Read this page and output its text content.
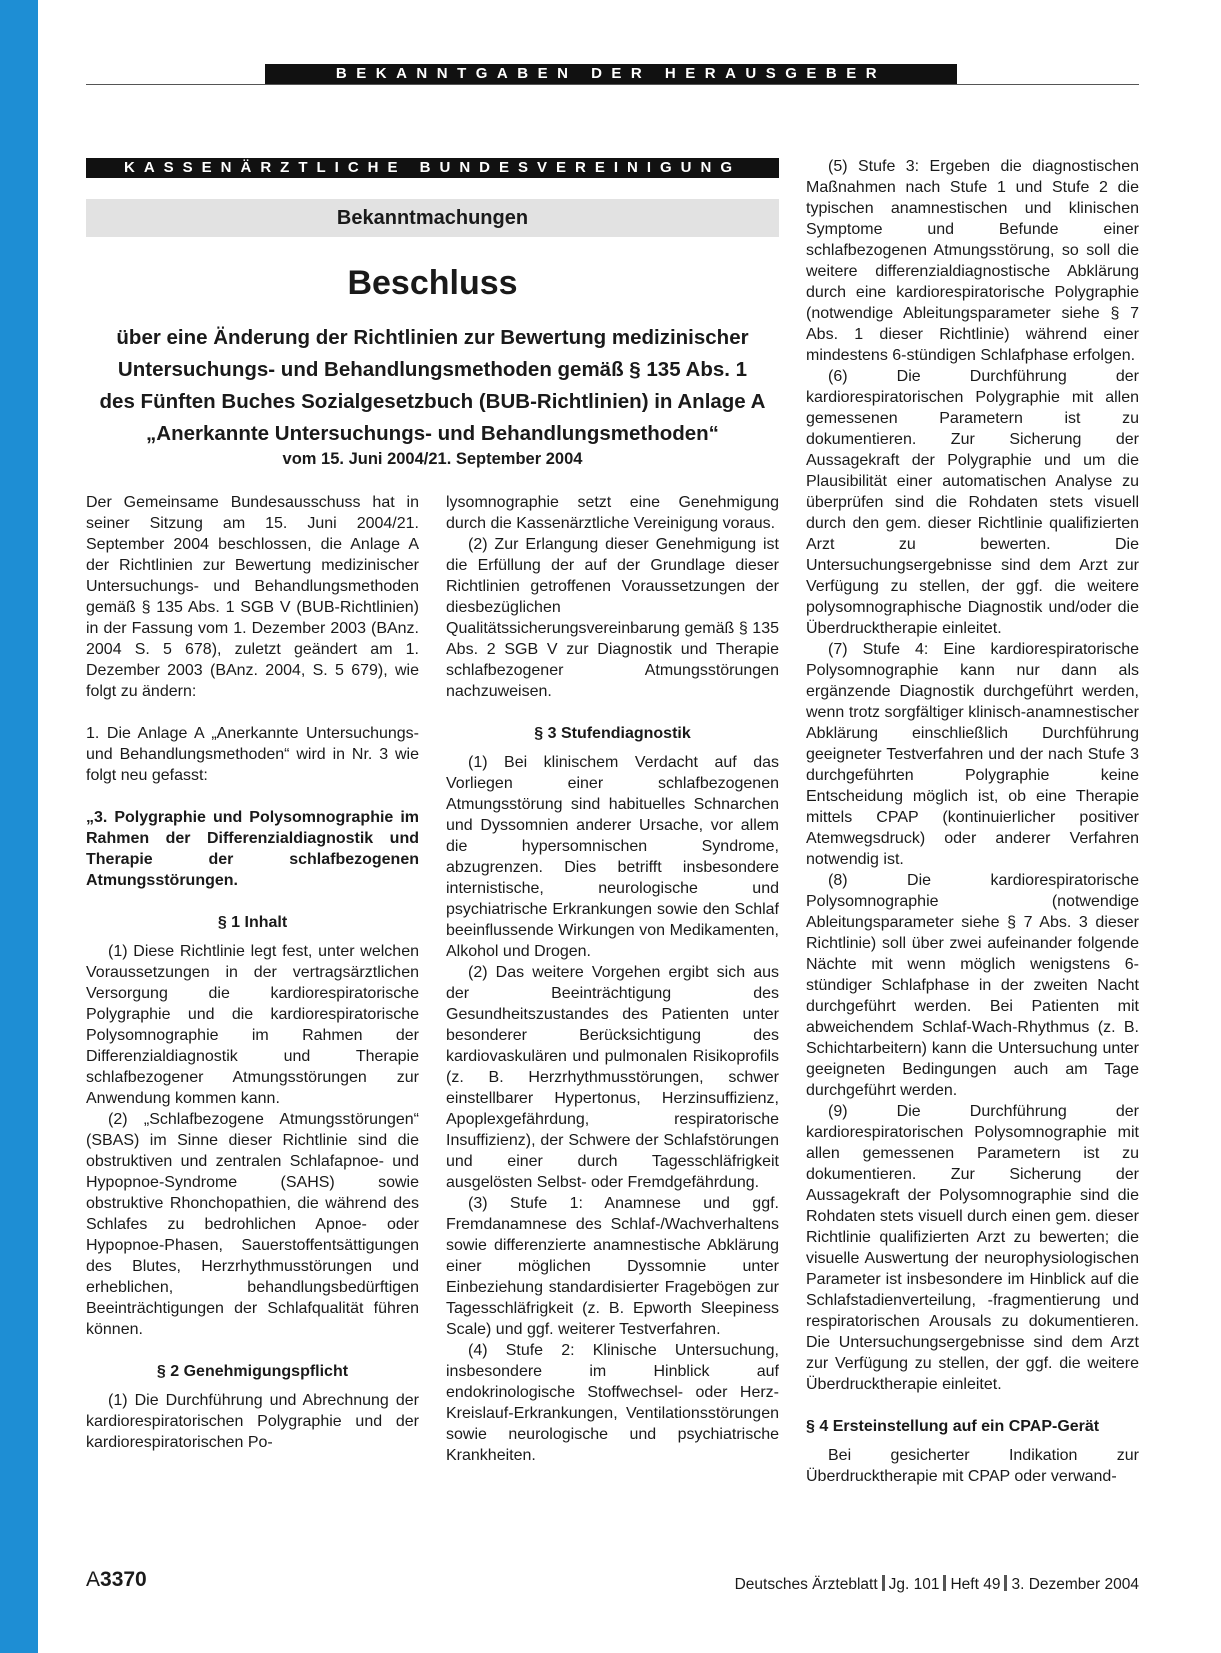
BEKANNTGABEN DER HERAUSGEBER
KASSENÄRZTLICHE BUNDESVEREINIGUNG
Bekanntmachungen
Beschluss
über eine Änderung der Richtlinien zur Bewertung medizinischer
Untersuchungs- und Behandlungsmethoden gemäß § 135 Abs. 1
des Fünften Buches Sozialgesetzbuch (BUB-Richtlinien) in Anlage A
„Anerkannte Untersuchungs- und Behandlungsmethoden“
vom 15. Juni 2004/21. September 2004

Der Gemeinsame Bundesausschuss hat in seiner Sitzung am 15. Juni 2004/21. September 2004 beschlossen, die Anlage A der Richtlinien zur Bewertung medizinischer Untersuchungs- und Behandlungsmethoden gemäß § 135 Abs. 1 SGB V (BUB-Richtlinien) in der Fassung vom 1. Dezember 2003 (BAnz. 2004 S. 5 678), zuletzt geändert am 1. Dezember 2003 (BAnz. 2004, S. 5 679), wie folgt zu ändern:

1. Die Anlage A „Anerkannte Untersuchungs- und Behandlungsmethoden“ wird in Nr. 3 wie folgt neu gefasst:

„3. Polygraphie und Polysomnographie im Rahmen der Differenzialdiagnostik und Therapie der schlafbezogenen Atmungsstörungen.

§ 1 Inhalt

(1) Diese Richtlinie legt fest, unter welchen Voraussetzungen in der vertragsärztlichen Versorgung die kardiorespiratorische Polygraphie und die kardiorespiratorische Polysomnographie im Rahmen der Differenzialdiagnostik und Therapie schlafbezogener Atmungsstörungen zur Anwendung kommen kann.

(2) „Schlafbezogene Atmungsstörungen“ (SBAS) im Sinne dieser Richtlinie sind die obstruktiven und zentralen Schlafapnoe- und Hypopnoe-Syndrome (SAHS) sowie obstruktive Rhonchopathien, die während des Schlafes zu bedrohlichen Apnoe- oder Hypopnoe-Phasen, Sauerstoffentsättigungen des Blutes, Herzrhythmusstörungen und erheblichen, behandlungsbedürftigen Beeinträchtigungen der Schlafqualität führen können.

§ 2 Genehmigungspflicht

(1) Die Durchführung und Abrechnung der kardiorespiratorischen Polygraphie und der kardiorespiratorischen Po-

lysomnographie setzt eine Genehmigung durch die Kassenärztliche Vereinigung voraus.

(2) Zur Erlangung dieser Genehmigung ist die Erfüllung der auf der Grundlage dieser Richtlinien getroffenen Voraussetzungen der diesbezüglichen Qualitätssicherungsvereinbarung gemäß § 135 Abs. 2 SGB V zur Diagnostik und Therapie schlafbezogener Atmungsstörungen nachzuweisen.

§ 3 Stufendiagnostik

(1) Bei klinischem Verdacht auf das Vorliegen einer schlafbezogenen Atmungsstörung sind habituelles Schnarchen und Dyssomnien anderer Ursache, vor allem die hypersomnischen Syndrome, abzugrenzen. Dies betrifft insbesondere internistische, neurologische und psychiatrische Erkrankungen sowie den Schlaf beeinflussende Wirkungen von Medikamenten, Alkohol und Drogen.

(2) Das weitere Vorgehen ergibt sich aus der Beeinträchtigung des Gesundheitszustandes des Patienten unter besonderer Berücksichtigung des kardiovaskulären und pulmonalen Risikoprofils (z. B. Herzrhythmusstörungen, schwer einstellbarer Hypertonus, Herzinsuffizienz, Apoplexgefährdung, respiratorische Insuffizienz), der Schwere der Schlafstörungen und einer durch Tagesschläfrigkeit ausgelösten Selbst- oder Fremdgefährdung.

(3) Stufe 1: Anamnese und ggf. Fremdanamnese des Schlaf-/Wachverhaltens sowie differenzierte anamnestische Abklärung einer möglichen Dyssomnie unter Einbeziehung standardisierter Fragebögen zur Tagesschläfrigkeit (z. B. Epworth Sleepiness Scale) und ggf. weiterer Testverfahren.

(4) Stufe 2: Klinische Untersuchung, insbesondere im Hinblick auf endokrinologische Stoffwechsel- oder Herz-Kreislauf-Erkrankungen, Ventilationsstörungen sowie neurologische und psychiatrische Krankheiten.

(5) Stufe 3: Ergeben die diagnostischen Maßnahmen nach Stufe 1 und Stufe 2 die typischen anamnestischen und klinischen Symptome und Befunde einer schlafbezogenen Atmungsstörung, so soll die weitere differenzialdiagnostische Abklärung durch eine kardiorespiratorische Polygraphie (notwendige Ableitungsparameter siehe § 7 Abs. 1 dieser Richtlinie) während einer mindestens 6-stündigen Schlafphase erfolgen.

(6) Die Durchführung der kardiorespiratorischen Polygraphie mit allen gemessenen Parametern ist zu dokumentieren. Zur Sicherung der Aussagekraft der Polygraphie und um die Plausibilität einer automatischen Analyse zu überprüfen sind die Rohdaten stets visuell durch den gem. dieser Richtlinie qualifizierten Arzt zu bewerten. Die Untersuchungsergebnisse sind dem Arzt zur Verfügung zu stellen, der ggf. die weitere polysomnographische Diagnostik und/oder die Überdrucktherapie einleitet.

(7) Stufe 4: Eine kardiorespiratorische Polysomnographie kann nur dann als ergänzende Diagnostik durchgeführt werden, wenn trotz sorgfältiger klinisch-anamnestischer Abklärung einschließlich Durchführung geeigneter Testverfahren und der nach Stufe 3 durchgeführten Polygraphie keine Entscheidung möglich ist, ob eine Therapie mittels CPAP (kontinuierlicher positiver Atemwegsdruck) oder anderer Verfahren notwendig ist.

(8) Die kardiorespiratorische Polysomnographie (notwendige Ableitungsparameter siehe § 7 Abs. 3 dieser Richtlinie) soll über zwei aufeinander folgende Nächte mit wenn möglich wenigstens 6-stündiger Schlafphase in der zweiten Nacht durchgeführt werden. Bei Patienten mit abweichendem Schlaf-Wach-Rhythmus (z. B. Schichtarbeitern) kann die Untersuchung unter geeigneten Bedingungen auch am Tage durchgeführt werden.

(9) Die Durchführung der kardiorespiratorischen Polysomnographie mit allen gemessenen Parametern ist zu dokumentieren. Zur Sicherung der Aussagekraft der Polysomnographie sind die Rohdaten stets visuell durch einen gem. dieser Richtlinie qualifizierten Arzt zu bewerten; die visuelle Auswertung der neurophysiologischen Parameter ist insbesondere im Hinblick auf die Schlafstadienverteilung, -fragmentierung und respiratorischen Arousals zu dokumentieren. Die Untersuchungsergebnisse sind dem Arzt zur Verfügung zu stellen, der ggf. die weitere Überdrucktherapie einleitet.

§ 4 Ersteinstellung auf ein CPAP-Gerät

Bei gesicherter Indikation zur Überdrucktherapie mit CPAP oder verwand-

A3370	Deutsches Ärzteblatt Jg. 101 Heft 49 3. Dezember 2004
